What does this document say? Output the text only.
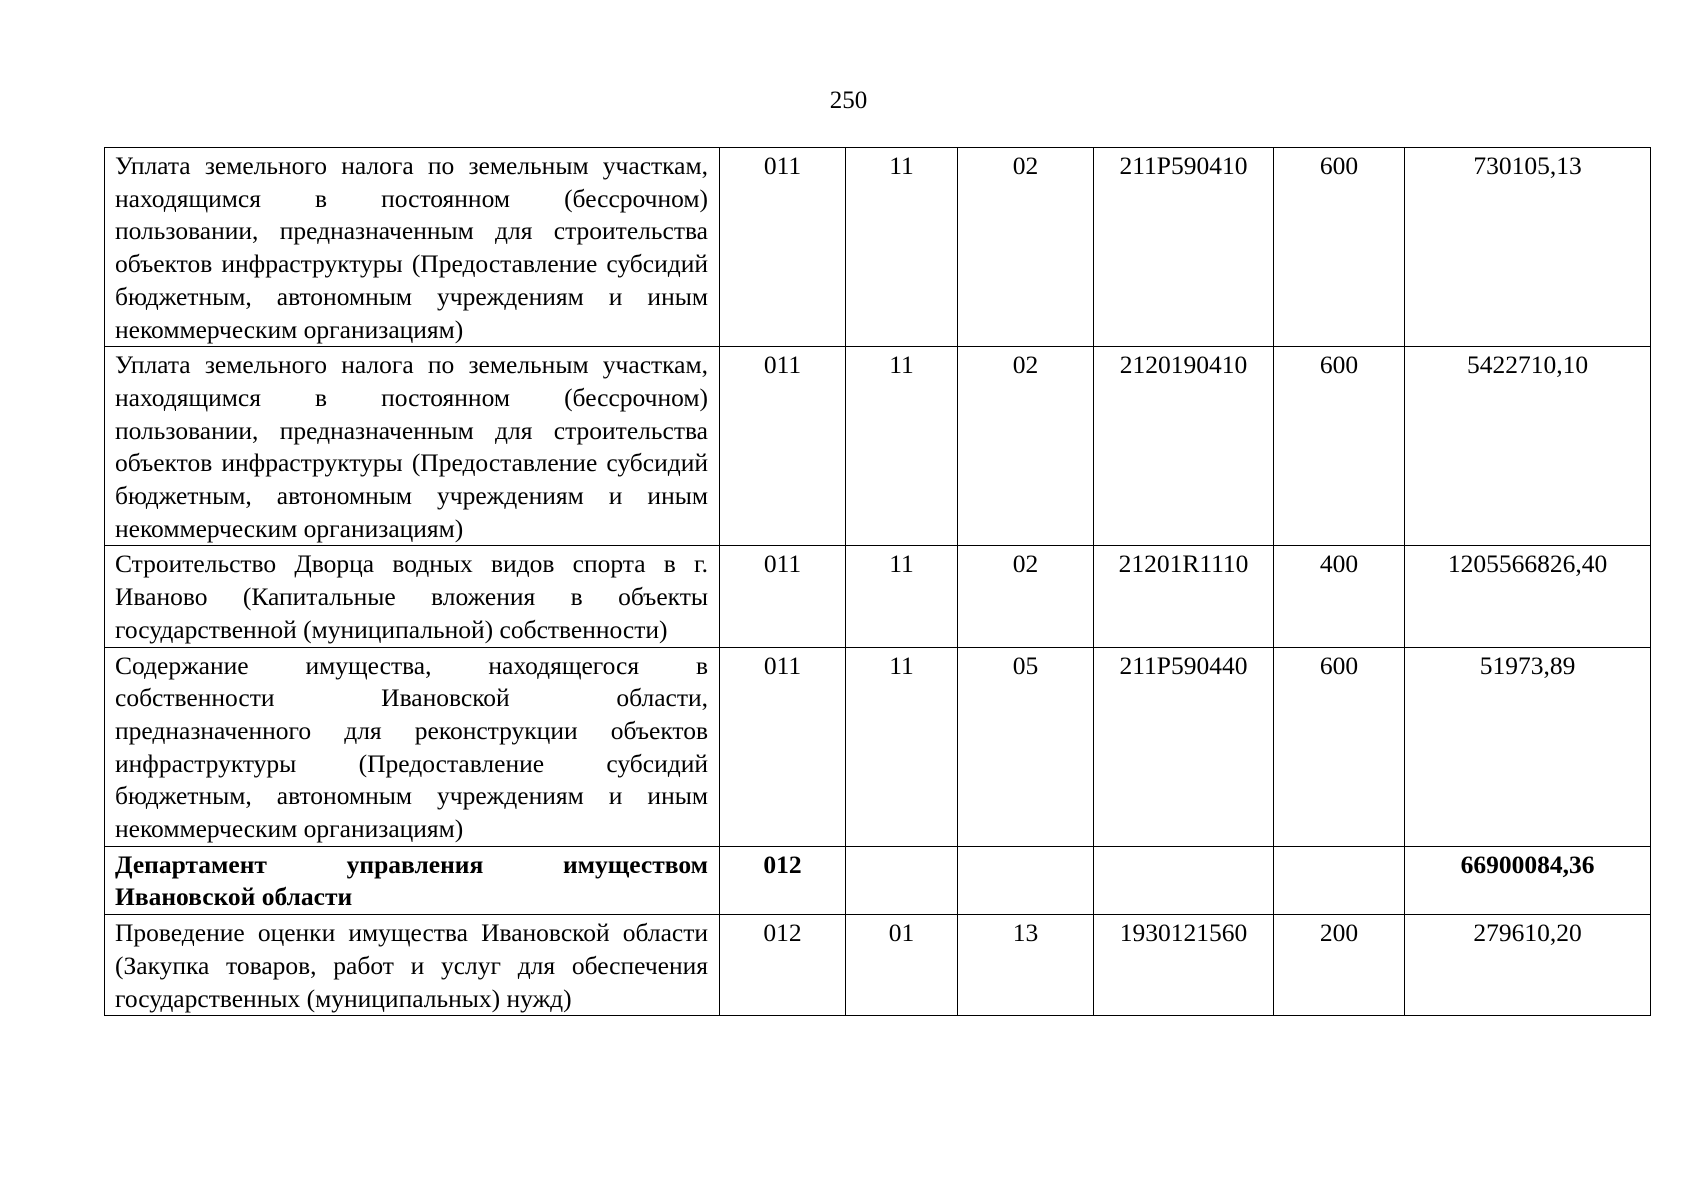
250
Уплата земельного налога по земельным участкам, находящимся в постоянном (бессрочном) пользовании, предназначенным для строительства объектов инфраструктуры (Предоставление субсидий бюджетным, автономным учреждениям и иным некоммерческим организациям)	011	11	02	211P590410	600	730105,13
Уплата земельного налога по земельным участкам, находящимся в постоянном (бессрочном) пользовании, предназначенным для строительства объектов инфраструктуры (Предоставление субсидий бюджетным, автономным учреждениям и иным некоммерческим организациям)	011	11	02	2120190410	600	5422710,10
Строительство Дворца водных видов спорта в г. Иваново (Капитальные вложения в объекты государственной (муниципальной) собственности)	011	11	02	21201R1110	400	1205566826,40
Содержание имущества, находящегося в собственности Ивановской области, предназначенного для реконструкции объектов инфраструктуры (Предоставление субсидий бюджетным, автономным учреждениям и иным некоммерческим организациям)	011	11	05	211P590440	600	51973,89
Департамент управления имуществом Ивановской области	012					66900084,36
Проведение оценки имущества Ивановской области (Закупка товаров, работ и услуг для обеспечения государственных (муниципальных) нужд)	012	01	13	1930121560	200	279610,20
